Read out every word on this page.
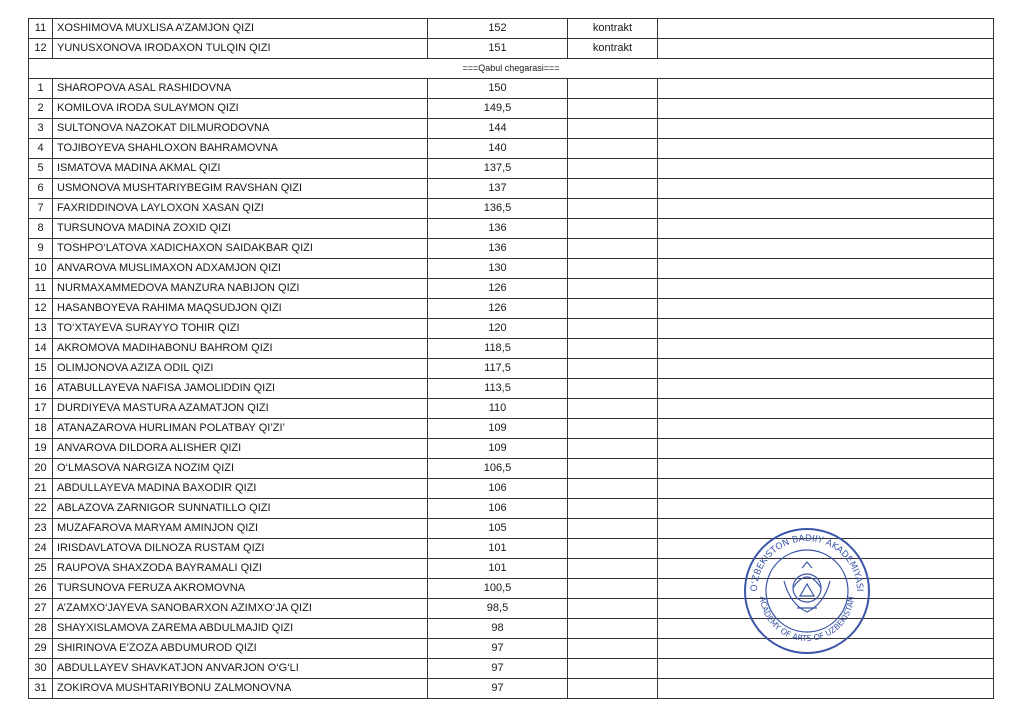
11	XOSHIMOVA MUXLISA A’ZAMJON QIZI	152	kontrakt	
12	YUNUSXONOVA IRODAXON TULQIN QIZI	151	kontrakt	
===Qabul chegarasi===				
1	SHAROPOVA ASAL RASHIDOVNA	150		
2	KOMILOVA IRODA SULAYMON QIZI	149,5		
3	SULTONOVA NAZOKAT DILMURODOVNA	144		
4	TOJIBOYEVA SHAHLOXON BAHRAMOVNA	140		
5	ISMATOVA MADINA AKMAL QIZI	137,5		
6	USMONOVA MUSHTARIYBEGIM RAVSHAN QIZI	137		
7	FAXRIDDINOVA LAYLOXON XASAN QIZI	136,5		
8	TURSUNOVA MADINA ZOXID QIZI	136		
9	TOSHPO‘LATOVA XADICHAXON SAIDAKBAR QIZI	136		
10	ANVAROVA MUSLIMAXON ADXAMJON QIZI	130		
11	NURMAXAMMEDOVA MANZURA NABIJON QIZI	126		
12	HASANBOYEVA RAHIMA MAQSUDJON QIZI	126		
13	TO‘XTAYEVA SURAYYO TOHIR QIZI	120		
14	AKROMOVA MADIHABONU BAHROM QIZI	118,5		
15	OLIMJONOVA AZIZA ODIL QIZI	117,5		
16	ATABULLAYEVA NAFISA JAMOLIDDIN QIZI	113,5		
17	DURDIYEVA MASTURA AZAMATJON QIZI	110		
18	ATANAZAROVA HURLIMAN POLATBAY QI’ZI’	109		
19	ANVAROVA DILDORA ALISHER QIZI	109		
20	O‘LMASOVA NARGIZA NOZIM QIZI	106,5		
21	ABDULLAYEVA MADINA BAXODIR QIZI	106		
22	ABLAZOVA ZARNIGOR SUNNATILLO QIZI	106		
23	MUZAFAROVA MARYAM AMINJON QIZI	105		
24	IRISDAVLATOVA DILNOZA RUSTAM QIZI	101		
25	RAUPOVA SHAXZODA BAYRAMALI QIZI	101		
26	TURSUNOVA FERUZA AKROMOVNA	100,5		
27	A’ZAMXO‘JAYEVA SANOBARXON AZIMXO‘JA QIZI	98,5		
28	SHAYXISLAMOVA ZAREMA ABDULMAJID QIZI	98		
29	SHIRINOVA E’ZOZA ABDUMUROD QIZI	97		
30	ABDULLAYEV SHAVKATJON ANVARJON O‘G‘LI	97		
31	ZOKIROVA MUSHTARIYBONU ZALMONOVNA	97		
O‘ZBEKISTON BADIIY AKADEMIYASI
ACADEMY OF ARTS OF UZBEKISTAN
